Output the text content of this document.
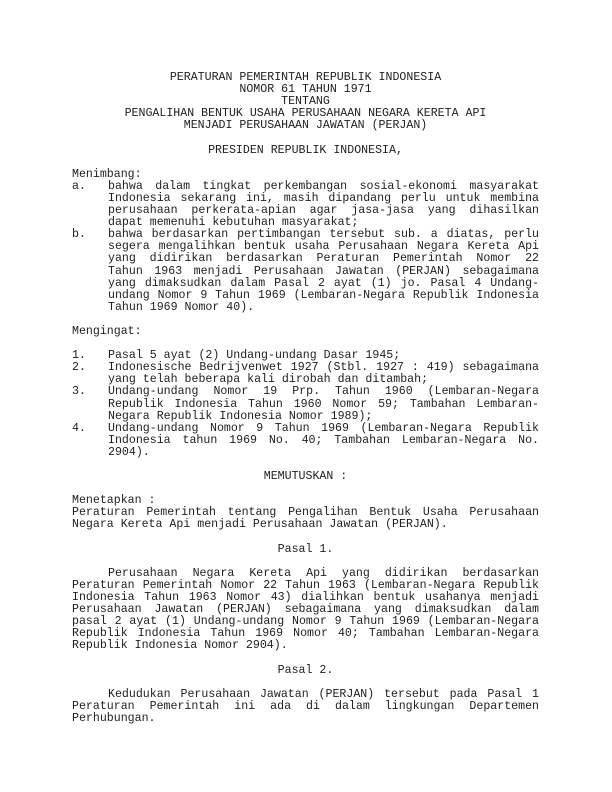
PERATURAN PEMERINTAH REPUBLIK INDONESIA
NOMOR 61 TAHUN 1971
TENTANG
PENGALIHAN BENTUK USAHA PERUSAHAAN NEGARA KERETA API
MENJADI PERUSAHAAN JAWATAN (PERJAN)
PRESIDEN REPUBLIK INDONESIA,
Menimbang:
a. bahwa dalam tingkat perkembangan sosial-ekonomi masyarakat
Indonesia sekarang ini, masih dipandang perlu untuk membina
perusahaan perkerata-apian agar jasa-jasa yang dihasilkan
dapat memenuhi kebutuhan masyarakat;
b. bahwa berdasarkan pertimbangan tersebut sub. a diatas, perlu
segera mengalihkan bentuk usaha Perusahaan Negara Kereta Api
yang didirikan berdasarkan Peraturan Pemerintah Nomor 22
Tahun 1963 menjadi Perusahaan Jawatan (PERJAN) sebagaimana
yang dimaksudkan dalam Pasal 2 ayat (1) jo. Pasal 4 Undang-
undang Nomor 9 Tahun 1969 (Lembaran-Negara Republik Indonesia
Tahun 1969 Nomor 40).
Mengingat:
1. Pasal 5 ayat (2) Undang-undang Dasar 1945;
2. Indonesische Bedrijvenwet 1927 (Stbl. 1927 : 419) sebagaimana
yang telah beberapa kali dirobah dan ditambah;
3. Undang-undang Nomor 19 Prp. Tahun 1960 (Lembaran-Negara
Republik Indonesia Tahun 1960 Nomor 59; Tambahan Lembaran-
Negara Republik Indonesia Nomor 1989);
4. Undang-undang Nomor 9 Tahun 1969 (Lembaran-Negara Republik
Indonesia tahun 1969 No. 40; Tambahan Lembaran-Negara No.
2904).
MEMUTUSKAN :
Menetapkan :
Peraturan Pemerintah tentang Pengalihan Bentuk Usaha Perusahaan
Negara Kereta Api menjadi Perusahaan Jawatan (PERJAN).
Pasal 1.
Perusahaan Negara Kereta Api yang didirikan berdasarkan
Peraturan Pemerintah Nomor 22 Tahun 1963 (Lembaran-Negara Republik
Indonesia Tahun 1963 Nomor 43) dialihkan bentuk usahanya menjadi
Perusahaan Jawatan (PERJAN) sebagaimana yang dimaksudkan dalam
pasal 2 ayat (1) Undang-undang Nomor 9 Tahun 1969 (Lembaran-Negara
Republik Indonesia Tahun 1969 Nomor 40; Tambahan Lembaran-Negara
Republik Indonesia Nomor 2904).
Pasal 2.
Kedudukan Perusahaan Jawatan (PERJAN) tersebut pada Pasal 1
Peraturan Pemerintah ini ada di dalam lingkungan Departemen
Perhubungan.
